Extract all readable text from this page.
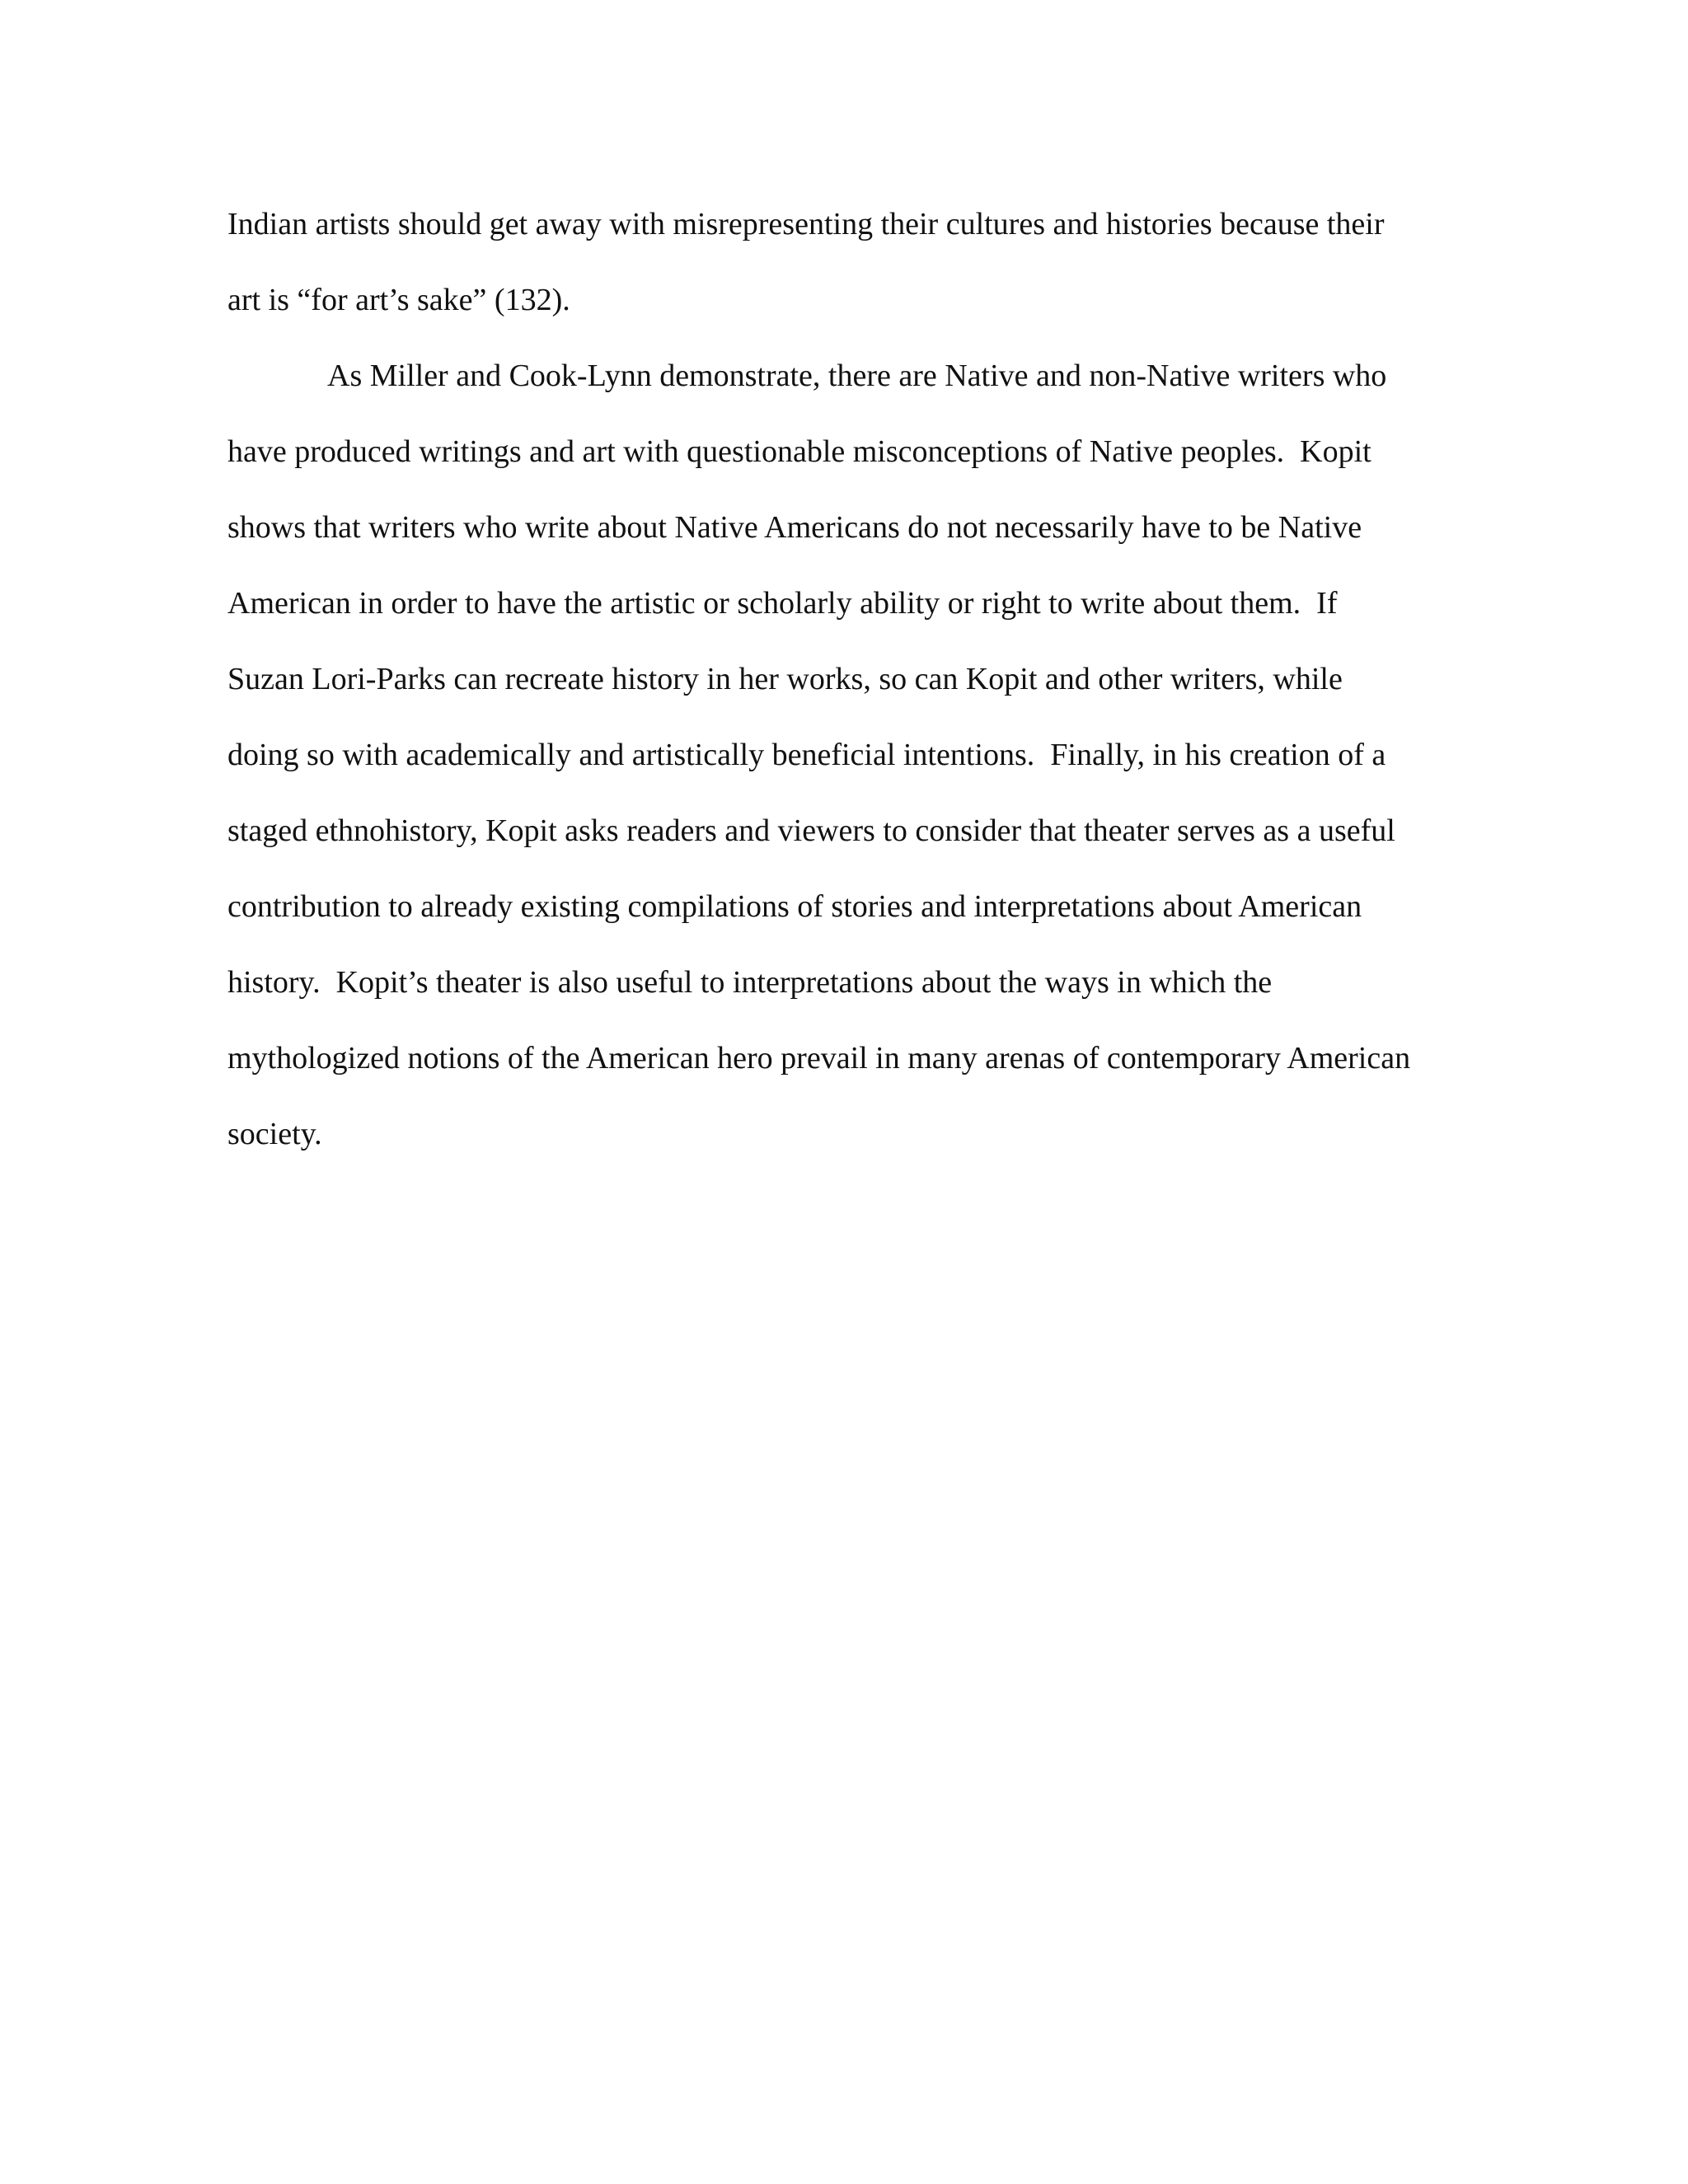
Indian artists should get away with misrepresenting their cultures and histories because their
art is “for art’s sake” (132).
As Miller and Cook-Lynn demonstrate, there are Native and non-Native writers who
have produced writings and art with questionable misconceptions of Native peoples.  Kopit
shows that writers who write about Native Americans do not necessarily have to be Native
American in order to have the artistic or scholarly ability or right to write about them.  If
Suzan Lori-Parks can recreate history in her works, so can Kopit and other writers, while
doing so with academically and artistically beneficial intentions.  Finally, in his creation of a
staged ethnohistory, Kopit asks readers and viewers to consider that theater serves as a useful
contribution to already existing compilations of stories and interpretations about American
history.  Kopit’s theater is also useful to interpretations about the ways in which the
mythologized notions of the American hero prevail in many arenas of contemporary American
society.
